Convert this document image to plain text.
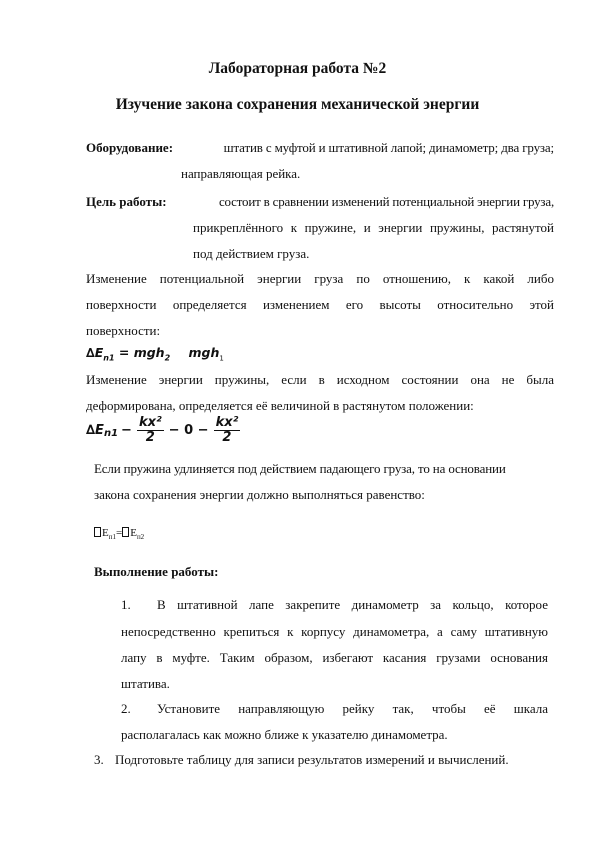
Лабораторная работа №2
Изучение закона сохранения механической энергии
Оборудование:	штатив с муфтой и штативной лапой; динамометр; два груза;
направляющая рейка.
Цель работы:	состоит в сравнении изменений потенциальной энергии груза,
прикреплённого к пружине, и энергии пружины, растянутой
под действием груза.
Изменение потенциальной энергии груза по отношению, к какой либо
поверхности определяется изменением его высоты относительно этой
поверхности:
$\Delta E_{n1} = mgh_2$ mgh$_1$
Изменение энергии пружины, если в исходном состоянии она не была
деформирована, определяется её величиной в растянутом положении:
$\Delta E_{n1} - \frac{\text{kx²}}{2} - 0 - \frac{\text{kx²}}{2}$
Если пружина удлиняется под действием падающего груза, то на основании
закона сохранения энергии должно выполняться равенство:
$E_{п1}= E_{п2}$
Выполнение работы:
1. В штативной лапе закрепите динамометр за кольцо, которое
непосредственно крепиться к корпусу динамометра, а саму штативную
лапу в муфте. Таким образом, избегают касания грузами основания
штатива.
2. Установите направляющую рейку так, чтобы её шкала
располагалась как можно ближе к указателю динамометра.
3. Подготовьте таблицу для записи результатов измерений и вычислений.
